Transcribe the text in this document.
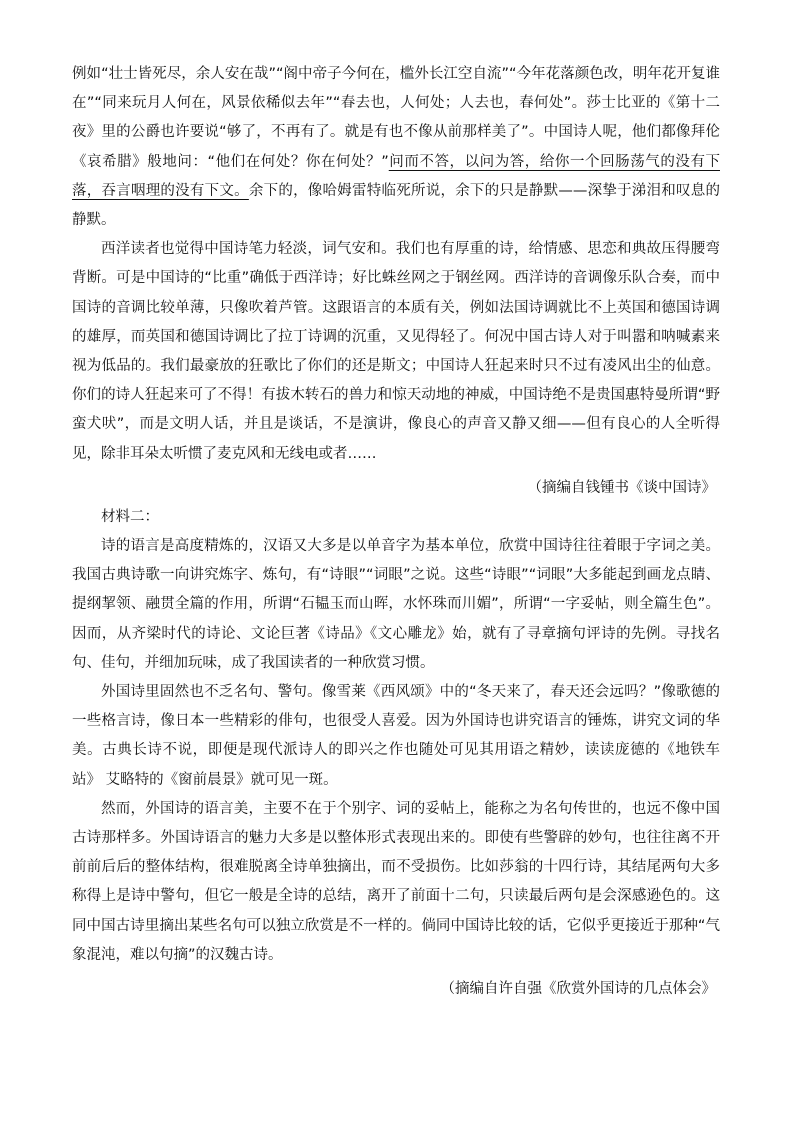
例如“壮士皆死尽，余人安在哉”“阁中帝子今何在，槛外长江空自流”“今年花落颜色改，明年花开复谁在”“同来玩月人何在，风景依稀似去年”“春去也，人何处；人去也，春何处”。莎士比亚的《第十二夜》里的公爵也许要说“够了，不再有了。就是有也不像从前那样美了”。中国诗人呢，他们都像拜伦《哀希腊》般地问：“他们在何处？你在何处？”问而不答，以问为答，给你一个回肠荡气的没有下落，吞言咽理的没有下文。余下的，像哈姆雷特临死所说，余下的只是静默——深挚于涕泪和叹息的静默。

西洋读者也觉得中国诗笔力轻淡，词气安和。我们也有厚重的诗，给情感、思恋和典故压得腰弯背断。可是中国诗的“比重”确低于西洋诗；好比蛛丝网之于钢丝网。西洋诗的音调像乐队合奏，而中国诗的音调比较单薄，只像吹着芦管。这跟语言的本质有关，例如法国诗调就比不上英国和德国诗调的雄厚，而英国和德国诗调比了拉丁诗调的沉重，又见得轻了。何况中国古诗人对于叫嚣和呐喊素来视为低品的。我们最豪放的狂歌比了你们的还是斯文；中国诗人狂起来时只不过有凌风出尘的仙意。你们的诗人狂起来可了不得！有拔木转石的兽力和惊天动地的神威，中国诗绝不是贵国惠特曼所谓“野蛮犬吠”，而是文明人话，并且是谈话，不是演讲，像良心的声音又静又细——但有良心的人全听得见，除非耳朵太听惯了麦克风和无线电或者……

（摘编自钱锺书《谈中国诗》

材料二：

诗的语言是高度精炼的，汉语又大多是以单音字为基本单位，欣赏中国诗往往着眼于字词之美。我国古典诗歌一向讲究炼字、炼句，有“诗眼”“词眼”之说。这些“诗眼”“词眼”大多能起到画龙点睛、提纲挈领、融贯全篇的作用，所谓“石韫玉而山晖，水怀珠而川媚”，所谓“一字妥帖，则全篇生色”。因而，从齐梁时代的诗论、文论巨著《诗品》《文心雕龙》始，就有了寻章摘句评诗的先例。寻找名句、佳句，并细加玩味，成了我国读者的一种欣赏习惯。

外国诗里固然也不乏名句、警句。像雪莱《西风颂》中的“冬天来了，春天还会远吗？”像歌德的一些格言诗，像日本一些精彩的俳句，也很受人喜爱。因为外国诗也讲究语言的锤炼，讲究文词的华美。古典长诗不说，即便是现代派诗人的即兴之作也随处可见其用语之精妙，读读庞德的《地铁车站》 艾略特的《窗前晨景》就可见一斑。

然而，外国诗的语言美，主要不在于个别字、词的妥帖上，能称之为名句传世的，也远不像中国古诗那样多。外国诗语言的魅力大多是以整体形式表现出来的。即使有些警辟的妙句，也往往离不开前前后后的整体结构，很难脱离全诗单独摘出，而不受损伤。比如莎翁的十四行诗，其结尾两句大多称得上是诗中警句，但它一般是全诗的总结，离开了前面十二句，只读最后两句是会深感逊色的。这同中国古诗里摘出某些名句可以独立欣赏是不一样的。倘同中国诗比较的话，它似乎更接近于那种“气象混沌，难以句摘”的汉魏古诗。

（摘编自许自强《欣赏外国诗的几点体会》
